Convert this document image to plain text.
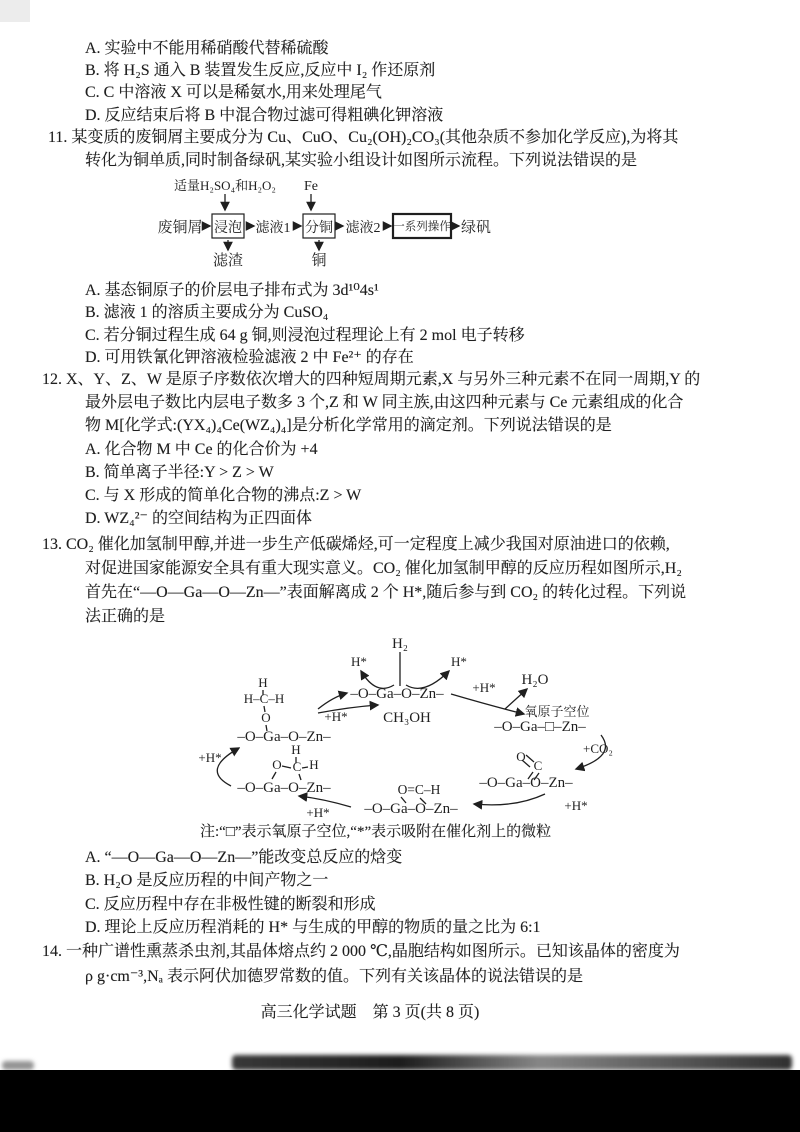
A. 实验中不能用稀硝酸代替稀硫酸
B. 将 H₂S 通入 B 装置发生反应,反应中 I₂ 作还原剂
C. C 中溶液 X 可以是稀氨水,用来处理尾气
D. 反应结束后将 B 中混合物过滤可得粗碘化钾溶液
11. 某变质的废铜屑主要成分为 Cu、CuO、Cu₂(OH)₂CO₃(其他杂质不参加化学反应),为将其
转化为铜单质,同时制备绿矾,某实验小组设计如图所示流程。下列说法错误的是
A. 基态铜原子的价层电子排布式为 3d¹⁰4s¹
B. 滤液 1 的溶质主要成分为 CuSO₄
C. 若分铜过程生成 64 g 铜,则浸泡过程理论上有 2 mol 电子转移
D. 可用铁氰化钾溶液检验滤液 2 中 Fe²⁺ 的存在
12. X、Y、Z、W 是原子序数依次增大的四种短周期元素,X 与另外三种元素不在同一周期,Y 的
最外层电子数比内层电子数多 3 个,Z 和 W 同主族,由这四种元素与 Ce 元素组成的化合
物 M[化学式:(YX₄)₄Ce(WZ₄)₄]是分析化学常用的滴定剂。下列说法错误的是
A. 化合物 M 中 Ce 的化合价为 +4
B. 简单离子半径:Y > Z > W
C. 与 X 形成的简单化合物的沸点:Z > W
D. WZ₄²⁻ 的空间结构为正四面体
13. CO₂ 催化加氢制甲醇,并进一步生产低碳烯烃,可一定程度上减少我国对原油进口的依赖,
对促进国家能源安全具有重大现实意义。CO₂ 催化加氢制甲醇的反应历程如图所示,H₂
首先在“—O—Ga—O—Zn—”表面解离成 2 个 H*,随后参与到 CO₂ 的转化过程。下列说
法正确的是
注:“□”表示氧原子空位,“*”表示吸附在催化剂上的微粒
A. “—O—Ga—O—Zn—”能改变总反应的焓变
B. H₂O 是反应历程的中间产物之一
C. 反应历程中存在非极性键的断裂和形成
D. 理论上反应历程消耗的 H* 与生成的甲醇的物质的量之比为 6:1
14. 一种广谱性熏蒸杀虫剂,其晶体熔点约 2 000 ℃,晶胞结构如图所示。已知该晶体的密度为
ρ g·cm⁻³,Nₐ 表示阿伏加德罗常数的值。下列有关该晶体的说法错误的是
高三化学试题　第 3 页(共 8 页)
适量H₂SO₄和H₂O₂ Fe
废铜屑 浸泡 滤液1 分铜 滤液2 一系列操作 绿矾
滤渣	铜
H₂
–O–Ga–O–Zn–
H*	H*
+H* H₂O
氧原子空位
–O–Ga–□–Zn–
+CO₂
O
C
–O–Ga–O–Zn–
+H*
O=C–H
–O–Ga–O–Zn–
+H*
H
O C H
–O–Ga–O–Zn–
+H*
–O–Ga–O–Zn–
H
H–C–H
O	+H* CH₃OH
